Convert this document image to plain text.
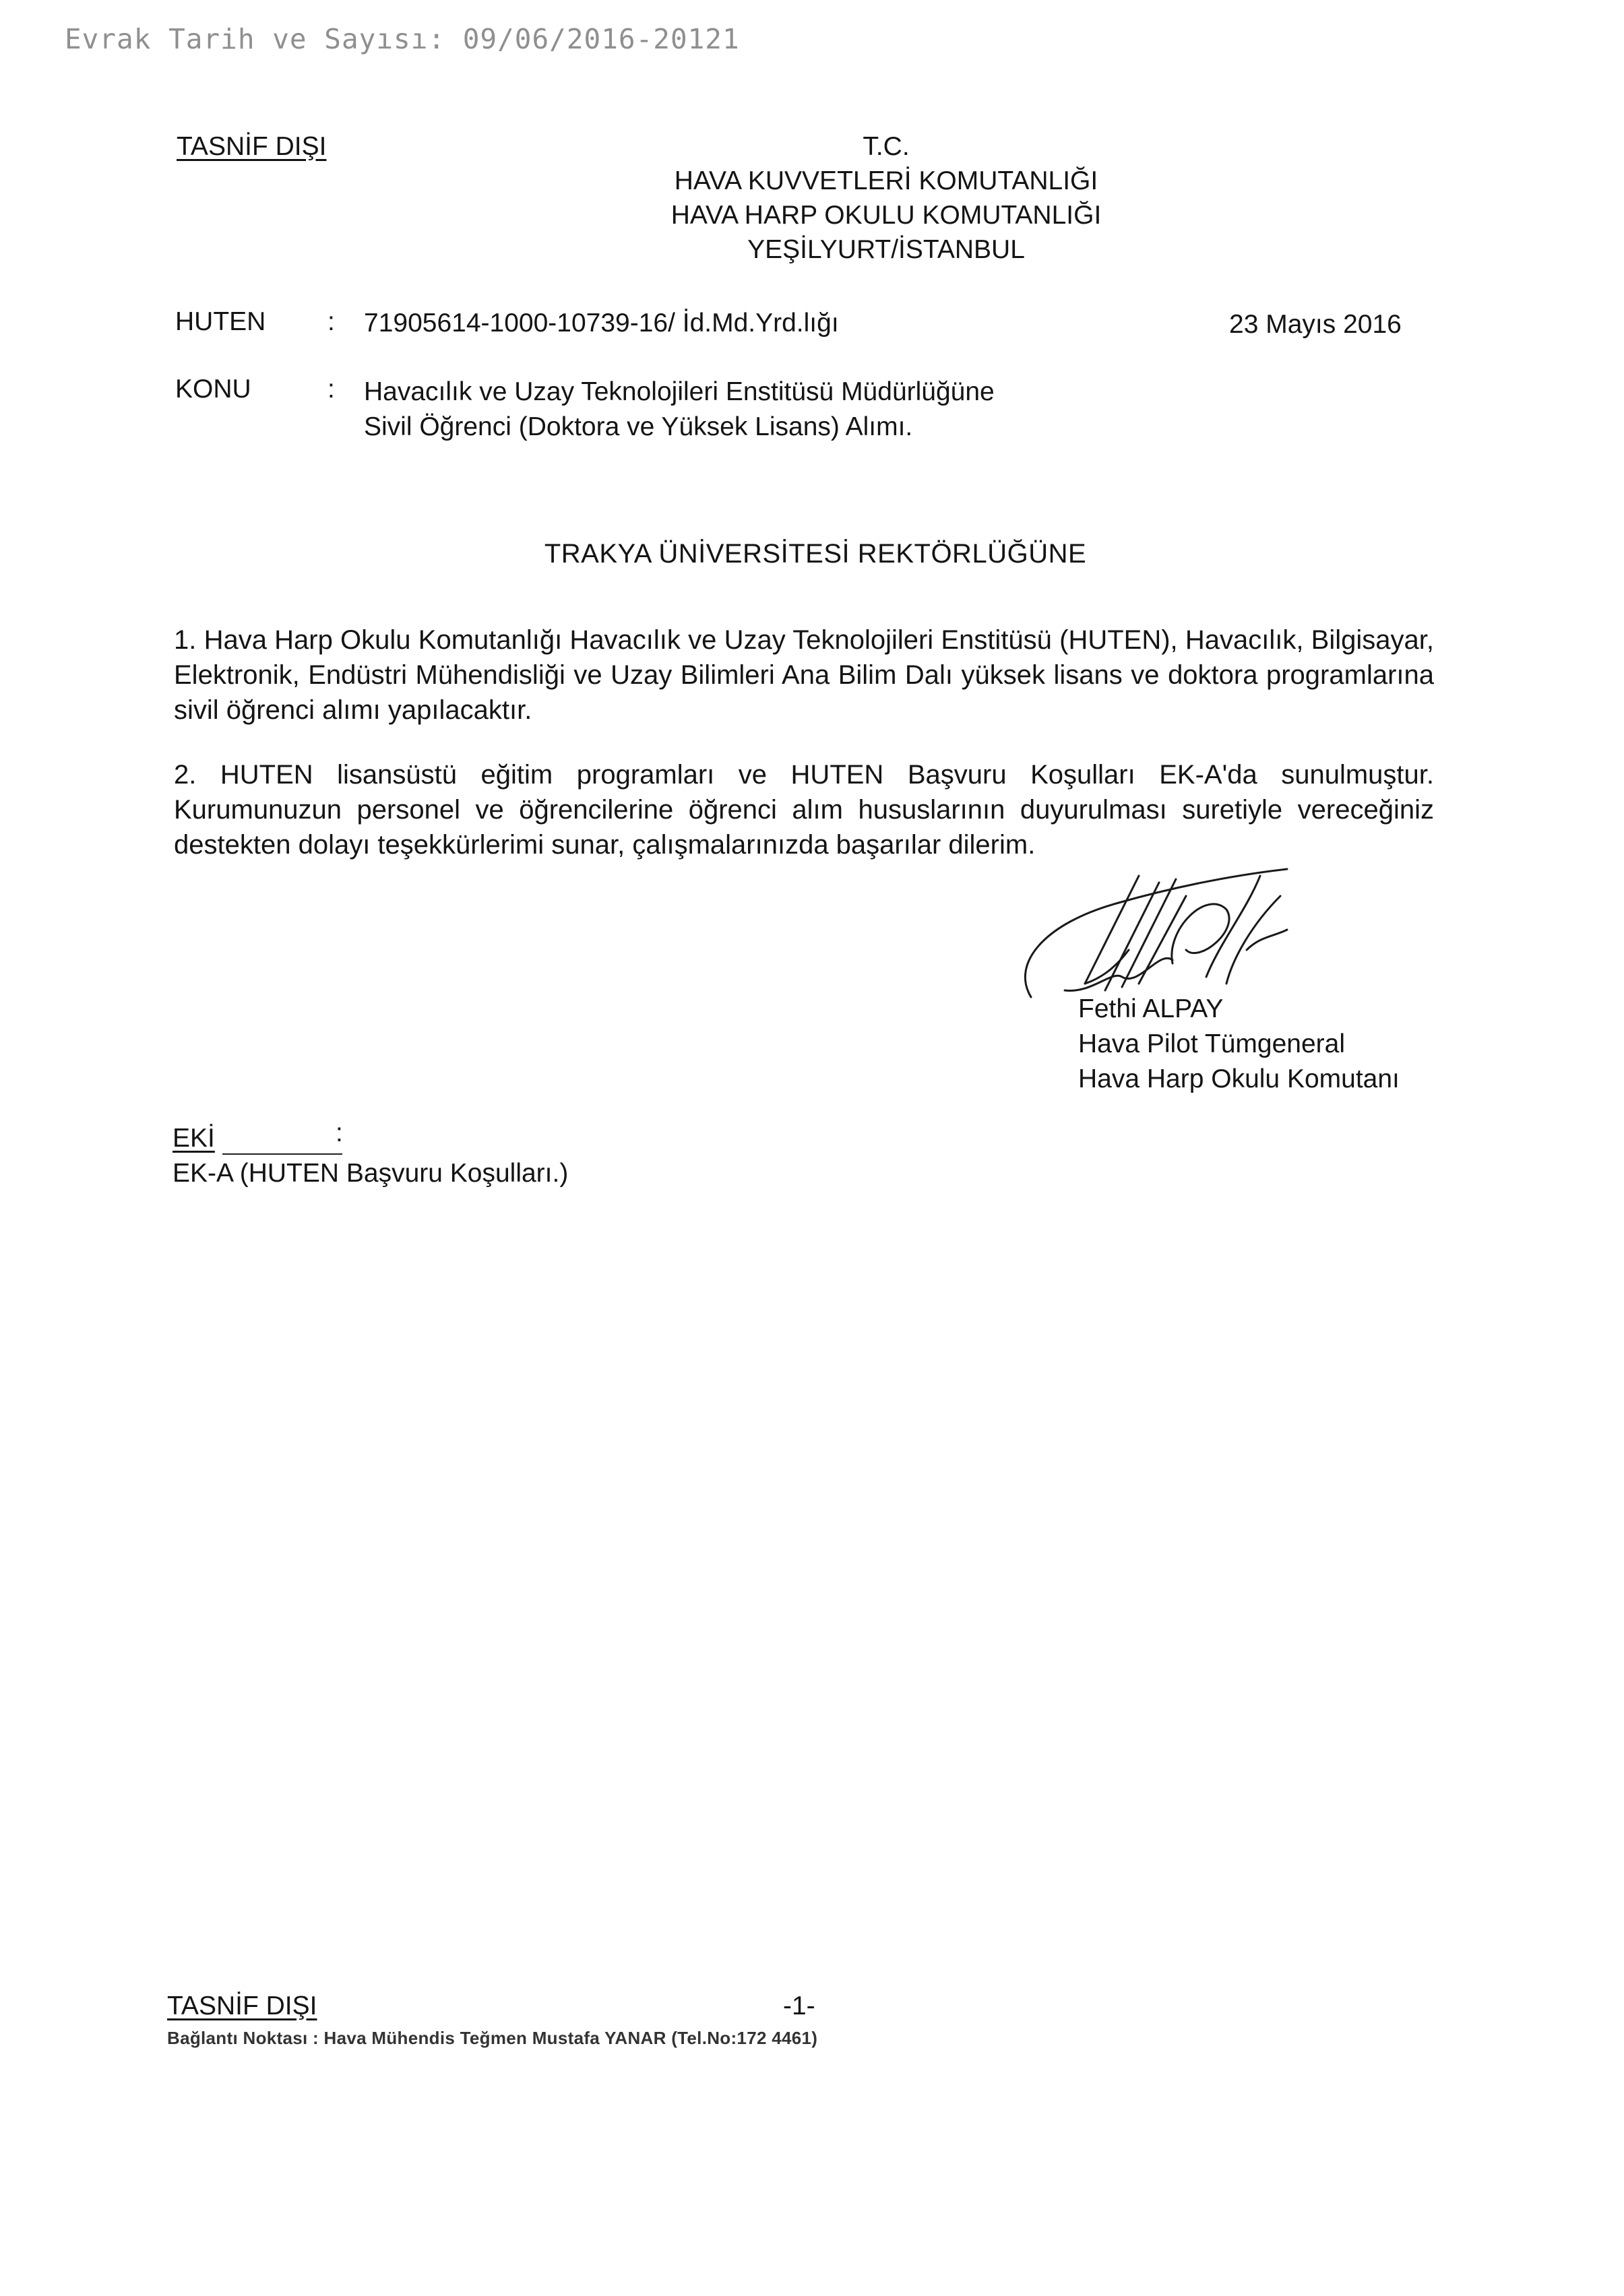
Evrak Tarih ve Sayısı: 09/06/2016-20121
TASNİF DIŞI	T.C.
HAVA KUVVETLERİ KOMUTANLIĞI
HAVA HARP OKULU KOMUTANLIĞI
YEŞİLYURT/İSTANBUL
HUTEN : 71905614-1000-10739-16/ İd.Md.Yrd.lığı	23 Mayıs 2016
KONU	: Havacılık ve Uzay Teknolojileri Enstitüsü Müdürlüğüne
Sivil Öğrenci (Doktora ve Yüksek Lisans) Alımı.
TRAKYA ÜNİVERSİTESİ REKTÖRLÜĞÜNE
1. Hava Harp Okulu Komutanlığı Havacılık ve Uzay Teknolojileri Enstitüsü (HUTEN), Havacılık, Bilgisayar, Elektronik, Endüstri Mühendisliği ve Uzay Bilimleri Ana Bilim Dalı yüksek lisans ve doktora programlarına sivil öğrenci alımı yapılacaktır.
2. HUTEN lisansüstü eğitim programları ve HUTEN Başvuru Koşulları EK-A'da sunulmuştur. Kurumunuzun personel ve öğrencilerine öğrenci alım hususlarının duyurulması suretiyle vereceğiniz destekten dolayı teşekkürlerimi sunar, çalışmalarınızda başarılar dilerim.
Fethi ALPAY
Hava Pilot Tümgeneral
Hava Harp Okulu Komutanı
EKİ	:
EK-A (HUTEN Başvuru Koşulları.)
TASNİF DIŞI	-1-
Bağlantı Noktası : Hava Mühendis Teğmen Mustafa YANAR (Tel.No:172 4461)
